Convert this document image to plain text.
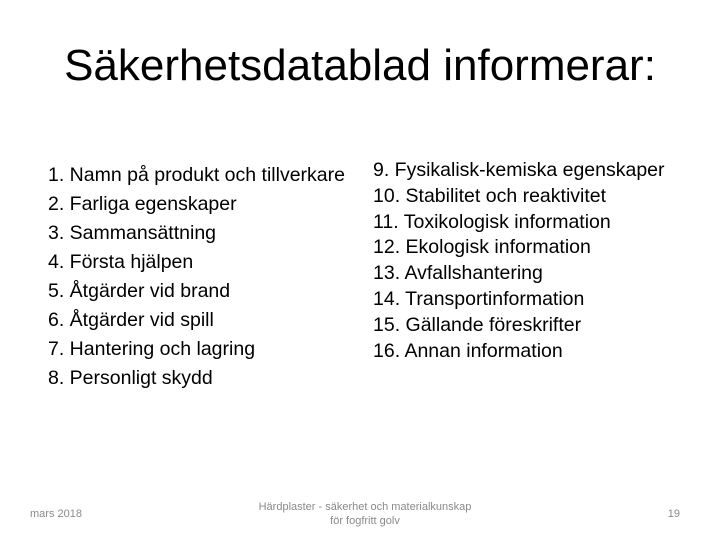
Säkerhetsdatablad informerar:
1. Namn på produkt och tillverkare
2. Farliga egenskaper
3. Sammansättning
4. Första hjälpen
5. Åtgärder vid brand
6. Åtgärder vid spill
7. Hantering och lagring
8. Personligt skydd
9. Fysikalisk-kemiska egenskaper
10. Stabilitet och reaktivitet
11. Toxikologisk information
12. Ekologisk information
13. Avfallshantering
14. Transportinformation
15. Gällande föreskrifter
16. Annan information
mars 2018
Härdplaster - säkerhet och materialkunskap
för fogfritt golv
19
